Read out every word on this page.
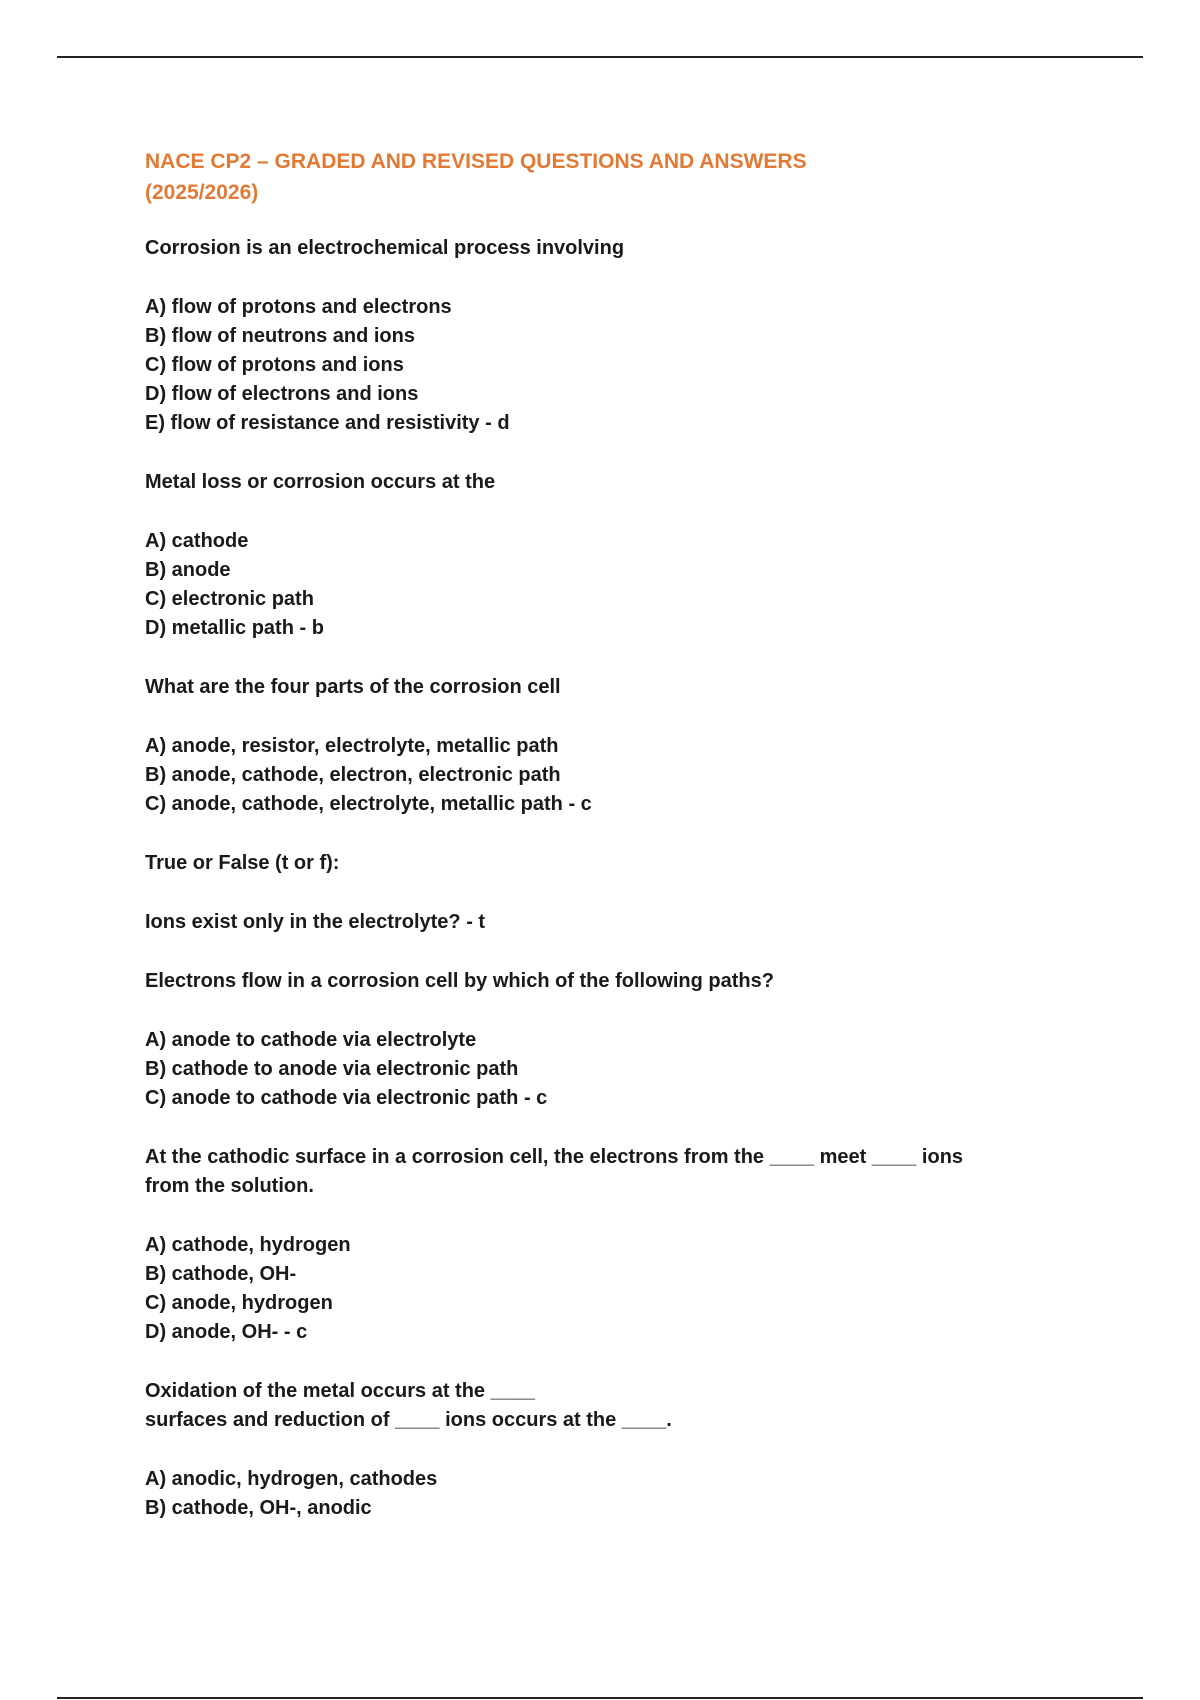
NACE CP2 – GRADED AND REVISED QUESTIONS AND ANSWERS
(2025/2026)
Corrosion is an electrochemical process involving
A) flow of protons and electrons
B) flow of neutrons and ions
C) flow of protons and ions
D) flow of electrons and ions
E) flow of resistance and resistivity - d
Metal loss or corrosion occurs at the
A) cathode
B) anode
C) electronic path
D) metallic path - b
What are the four parts of the corrosion cell
A) anode, resistor, electrolyte, metallic path
B) anode, cathode, electron, electronic path
C) anode, cathode, electrolyte, metallic path - c
True or False (t or f):
Ions exist only in the electrolyte? - t
Electrons flow in a corrosion cell by which of the following paths?
A) anode to cathode via electrolyte
B) cathode to anode via electronic path
C) anode to cathode via electronic path - c
At the cathodic surface in a corrosion cell, the electrons from the ____ meet ____ ions
from the solution.
A) cathode, hydrogen
B) cathode, OH-
C) anode, hydrogen
D) anode, OH- - c
Oxidation of the metal occurs at the ____
surfaces and reduction of ____ ions occurs at the ____.
A) anodic, hydrogen, cathodes
B) cathode, OH-, anodic
